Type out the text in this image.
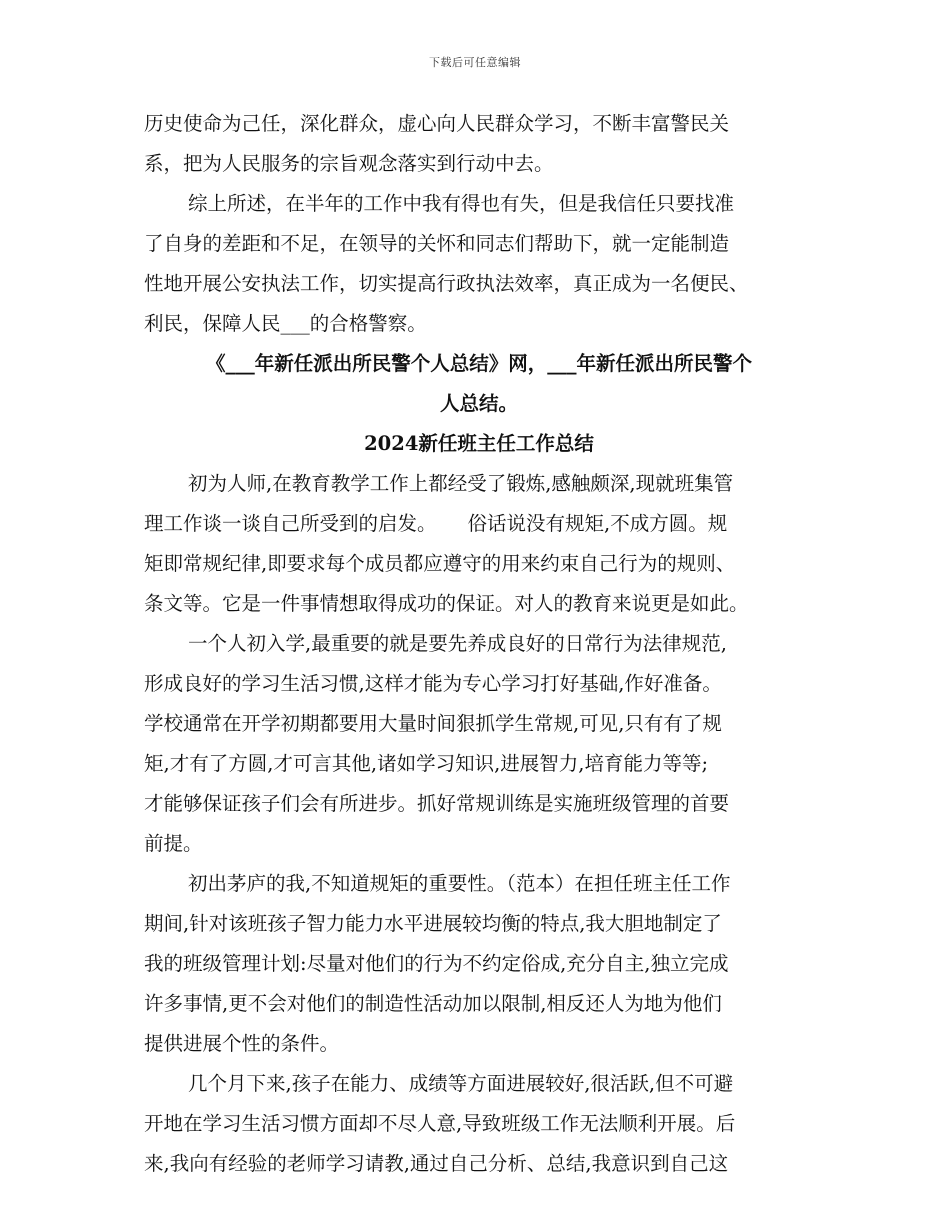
下载后可任意编辑
历史使命为己任，深化群众，虚心向人民群众学习，不断丰富警民关
系，把为人民服务的宗旨观念落实到行动中去。
综上所述，在半年的工作中我有得也有失，但是我信任只要找准
了自身的差距和不足，在领导的关怀和同志们帮助下，就一定能制造
性地开展公安执法工作，切实提高行政执法效率，真正成为一名便民、
利民，保障人民___的合格警察。
《___年新任派出所民警个人总结》网，___年新任派出所民警个
人总结。
2024新任班主任工作总结
初为人师,在教育教学工作上都经受了锻炼,感触颇深,现就班集管
理工作谈一谈自己所受到的启发。     俗话说没有规矩,不成方圆。规
矩即常规纪律,即要求每个成员都应遵守的用来约束自己行为的规则、
条文等。它是一件事情想取得成功的保证。对人的教育来说更是如此。
一个人初入学,最重要的就是要先养成良好的日常行为法律规范,
形成良好的学习生活习惯,这样才能为专心学习打好基础,作好准备。
学校通常在开学初期都要用大量时间狠抓学生常规,可见,只有有了规
矩,才有了方圆,才可言其他,诸如学习知识,进展智力,培育能力等等;
才能够保证孩子们会有所进步。抓好常规训练是实施班级管理的首要
前提。
初出茅庐的我,不知道规矩的重要性。（范本）在担任班主任工作
期间,针对该班孩子智力能力水平进展较均衡的特点,我大胆地制定了
我的班级管理计划:尽量对他们的行为不约定俗成,充分自主,独立完成
许多事情,更不会对他们的制造性活动加以限制,相反还人为地为他们
提供进展个性的条件。
几个月下来,孩子在能力、成绩等方面进展较好,很活跃,但不可避
开地在学习生活习惯方面却不尽人意,导致班级工作无法顺利开展。后
来,我向有经验的老师学习请教,通过自己分析、总结,我意识到自己这
